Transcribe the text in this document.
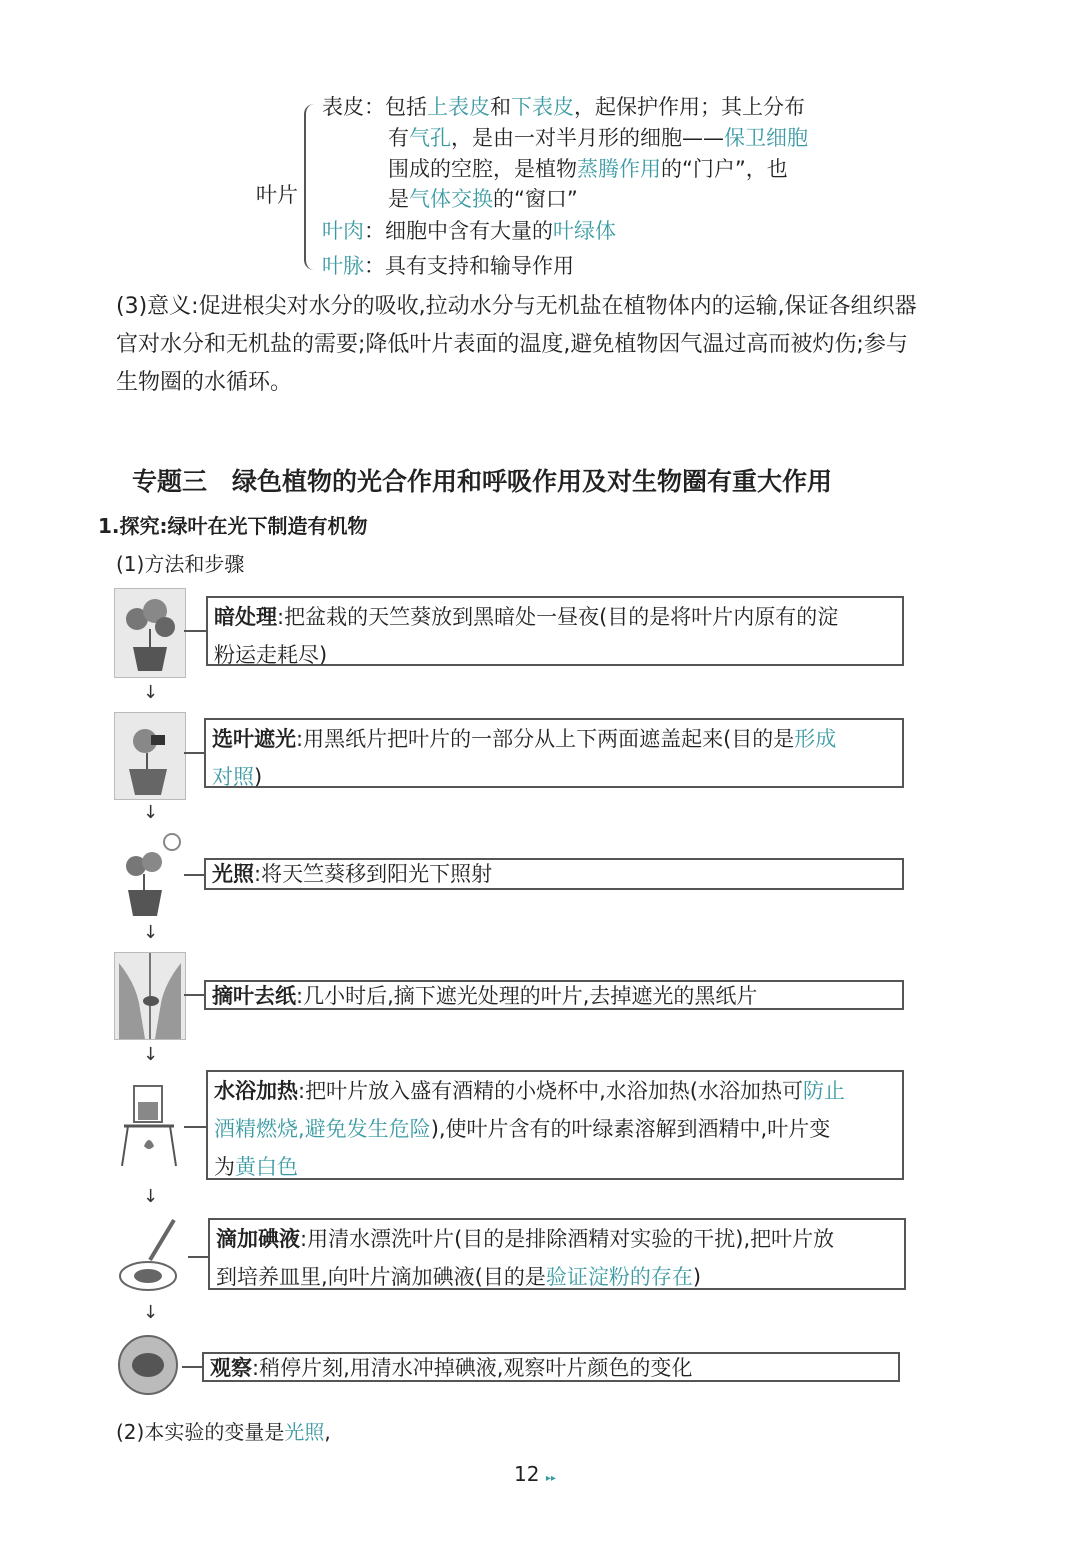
叶片
表皮：包括上表皮和下表皮，起保护作用；其上分布
有气孔，是由一对半月形的细胞——保卫细胞
围成的空腔，是植物蒸腾作用的“门户”，也
是气体交换的“窗口”
叶肉：细胞中含有大量的叶绿体
叶脉：具有支持和输导作用
(3)意义:促进根尖对水分的吸收,拉动水分与无机盐在植物体内的运输,保证各组织器
官对水分和无机盐的需要;降低叶片表面的温度,避免植物因气温过高而被灼伤;参与
生物圈的水循环。
专题三　绿色植物的光合作用和呼吸作用及对生物圈有重大作用
1.探究:绿叶在光下制造有机物
(1)方法和步骤
暗处理:把盆栽的天竺葵放到黑暗处一昼夜(目的是将叶片内原有的淀
粉运走耗尽)
↓
选叶遮光:用黑纸片把叶片的一部分从上下两面遮盖起来(目的是形成
对照)
↓
光照:将天竺葵移到阳光下照射
↓
摘叶去纸:几小时后,摘下遮光处理的叶片,去掉遮光的黑纸片
↓
水浴加热:把叶片放入盛有酒精的小烧杯中,水浴加热(水浴加热可防止
酒精燃烧,避免发生危险),使叶片含有的叶绿素溶解到酒精中,叶片变
为黄白色
↓
滴加碘液:用清水漂洗叶片(目的是排除酒精对实验的干扰),把叶片放
到培养皿里,向叶片滴加碘液(目的是验证淀粉的存在)
↓
观察:稍停片刻,用清水冲掉碘液,观察叶片颜色的变化
(2)本实验的变量是光照,
12 ▸▸
